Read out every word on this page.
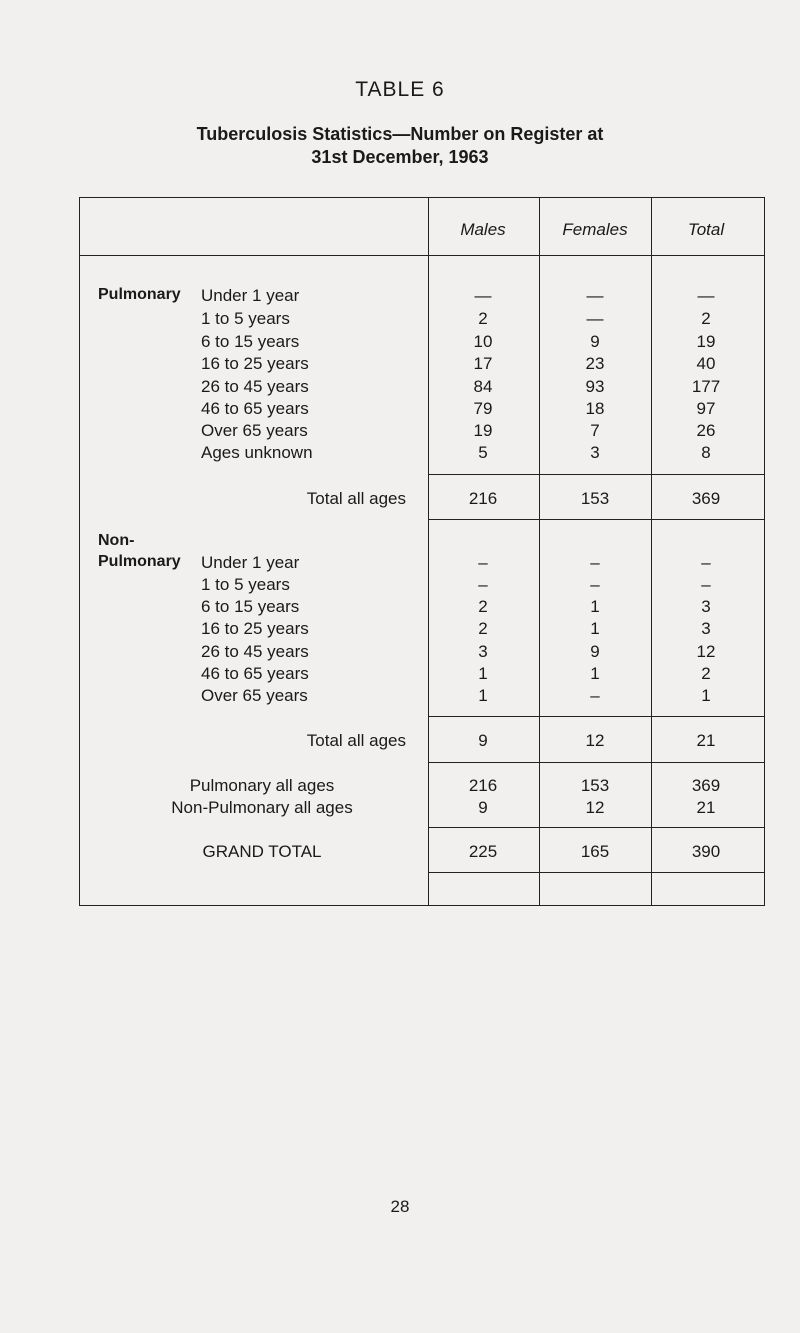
TABLE 6
Tuberculosis Statistics—Number on Register at
31st December, 1963
Males	Females	Total
Pulmonary Under 1 year	—	—	—
1 to 5 years	2	—	2
6 to 15 years	10	9	19
16 to 25 years	17	23	40
26 to 45 years	84	93	177
46 to 65 years	79	18	97
Over 65 years	19	7	26
Ages unknown	5	3	8
Total all ages	216	153	369
Non-
Pulmonary Under 1 year	–	–	–
1 to 5 years	–	–	–
6 to 15 years	2	1	3
16 to 25 years	2	1	3
26 to 45 years	3	9	12
46 to 65 years	1	1	2
Over 65 years	1	–	1
Total all ages	9	12	21
Pulmonary all ages	216	153	369
Non-Pulmonary all ages	9	12	21
GRAND TOTAL	225	165	390
28
